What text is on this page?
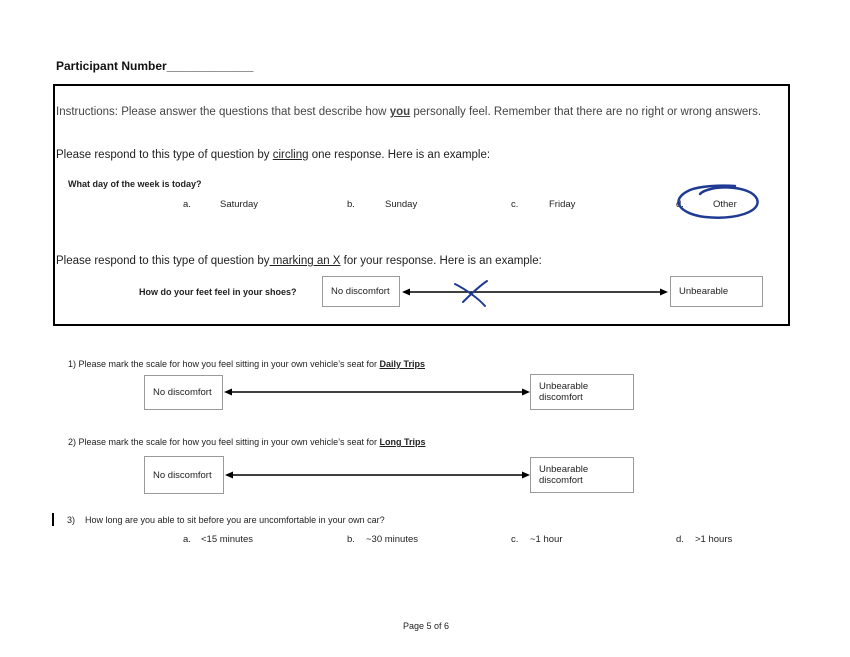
Participant Number_____________
Instructions: Please answer the questions that best describe how you personally feel. Remember that there are no right or wrong answers.
Please respond to this type of question by circling one response. Here is an example:
What day of the week is today?
a.	Saturday	b.	Sunday	c.	Friday	d.	Other
Please respond to this type of question by marking an X for your response. Here is an example:
How do your feet feel in your shoes?	No discomfort	Unbearable
1) Please mark the scale for how you feel sitting in your own vehicle’s seat for Daily Trips
No discomfort
Unbearable
discomfort
2) Please mark the scale for how you feel sitting in your own vehicle’s seat for Long Trips
No discomfort	Unbearable
discomfort
3) How long are you able to sit before you are uncomfortable in your own car?
a. <15 minutes	b. ~30 minutes	c. ~1 hour	d. >1 hours
Page 5 of 6
